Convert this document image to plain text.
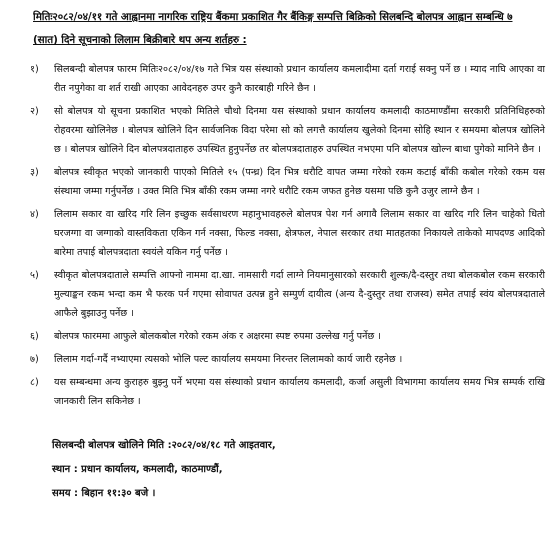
मितिः२०८२/०४/११ गते आह्वानमा नागरिक राष्ट्रिय बैंकमा प्रकाशित गैर बैंकिङ्ग सम्पत्ति बिक्रिको सिलबन्दि बोलपत्र आह्वान सम्बन्धि ७
(सात) दिने सूचनाको लिलाम बिक्रीबारे थप अन्य शर्तहरु :
१) सिलबन्दी बोलपत्र फारम मितिः२०८२/०४/१७ गते भित्र यस संस्थाको प्रधान कार्यालय कमलादीमा दर्ता गराई सक्नु पर्ने छ । म्याद नाघि आएका वा रीत नपुगेका वा शर्त राखी आएका आवेदनहरु उपर कुनै कारबाही गरिने छैन ।
२) सो बोलपत्र यो सूचना प्रकाशित भएको मितिले चौथो दिनमा यस संस्थाको प्रधान कार्यालय कमलादी काठमाण्डौंमा सरकारी प्रतिनिधिहरुको रोहवरमा खोलिनेछ । बोलपत्र खोलिने दिन सार्वजनिक विदा परेमा सो को लगत्तै कार्यालय खुलेको दिनमा सोहि स्थान र समयमा बोलपत्र खोलिने छ । बोलपत्र खोलिने दिन बोलपत्रदाताहरु उपस्थित हुनुपर्नेछ तर बोलपत्रदाताहरु उपस्थित नभएमा पनि बोलपत्र खोल्न बाधा पुगेको मानिने छैन ।
३) बोलपत्र स्वीकृत भएको जानकारी पाएको मितिले १५ (पन्ध्र) दिन भित्र धरौटि वापत जम्मा गरेको रकम कटाई बाँकी कबोल गरेको रकम यस संस्थामा जम्मा गर्नुपर्नेछ । उक्त मिति भित्र बाँकी रकम जम्मा नगरे धरौटि रकम जफत हुनेछ यसमा पछि कुनै उजुर लाग्ने छैन ।
४) लिलाम सकार वा खरिद गरि लिन इच्छुक सर्वसाधरण महानुभावहरुले बोलपत्र पेश गर्न अगावै लिलाम सकार वा खरिद गरि लिन चाहेको धितो घरजग्गा वा जग्गाको वास्तविकता एकिन गर्न नक्सा, फिल्ड नक्सा, क्षेत्रफल, नेपाल सरकार तथा मातहतका निकायले ताकेको मापदण्ड आदिको बारेमा तपाई बोलपत्रदाता स्वयंले यकिन गर्नु पर्नेछ ।
५) स्वीकृत बोलपत्रदाताले सम्पत्ति आफ्नो नाममा दा.खा. नामसारी गर्दा लाग्ने नियमानुसारको सरकारी शुल्क/दै-दस्तुर तथा बोलकबोल रकम सरकारी मुल्याङ्कन रकम भन्दा कम भै फरक पर्न गएमा सोवापत उत्पन्न हुने सम्पुर्ण दायीत्व (अन्य दै-दुस्तुर तथा राजस्व) समेत तपाई स्वंय बोलपत्रदाताले आफैले बुझाउनु पर्नेछ ।
६) बोलपत्र फारममा आफुले बोलकबोल गरेको रकम अंक र अक्षरमा स्पष्ट रुपमा उल्लेख गर्नु पर्नेछ ।
७) लिलाम गर्दा-गर्दै नभ्याएमा त्यसको भोलि पल्ट कार्यालय समयमा निरन्तर लिलामको कार्य जारी रहनेछ ।
८) यस सम्बन्धमा अन्य कुराहरु बुझ्नु पर्ने भएमा यस संस्थाको प्रधान कार्यालय कमलादी, कर्जा असुली विभागमा कार्यालय समय भित्र सम्पर्क राखि जानकारी लिन सकिनेछ ।
सिलबन्दी बोलपत्र खोलिने मिति :२०८२/०४/१८ गते आइतवार,
स्थान : प्रधान कार्यालय, कमलादी, काठमाण्डौं,
समय : बिहान ११:३० बजे ।
